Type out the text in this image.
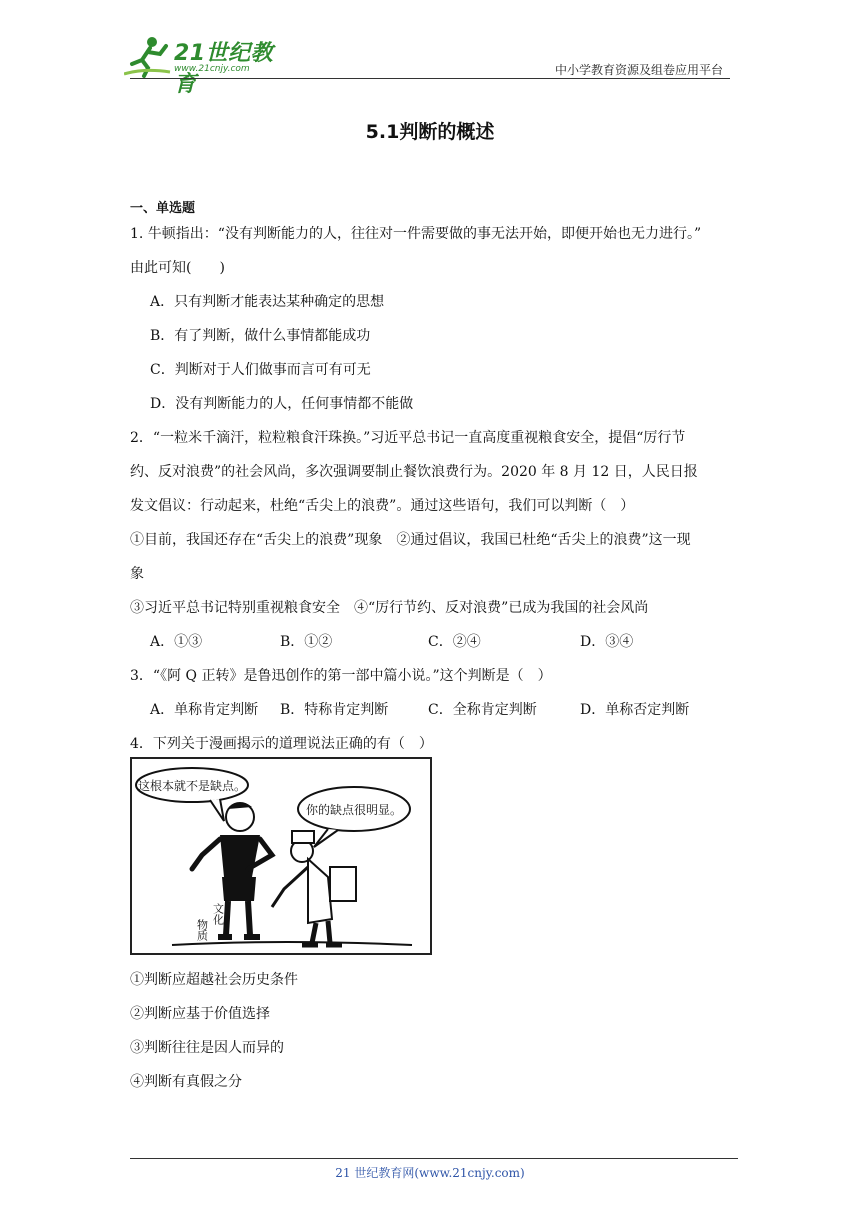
21世纪教育
www.21cnjy.com	中小学教育资源及组卷应用平台
5.1判断的概述
一、单选题
1. 牛顿指出：“没有判断能力的人，往往对一件需要做的事无法开始，即便开始也无力进行。”
由此可知(　　)
A．只有判断才能表达某种确定的思想
B．有了判断，做什么事情都能成功
C．判断对于人们做事而言可有可无
D．没有判断能力的人，任何事情都不能做
2．“一粒米千滴汗，粒粒粮食汗珠换。”习近平总书记一直高度重视粮食安全，提倡“厉行节
约、反对浪费”的社会风尚，多次强调要制止餐饮浪费行为。2020 年 8 月 12 日，人民日报
发文倡议：行动起来，杜绝“舌尖上的浪费”。通过这些语句，我们可以判断（　）
①目前，我国还存在“舌尖上的浪费”现象　②通过倡议，我国已杜绝“舌尖上的浪费”这一现
象
③习近平总书记特别重视粮食安全　④“厉行节约、反对浪费”已成为我国的社会风尚
A．①③	B．①②	C．②④	D．③④
3．“《阿 Q 正转》是鲁迅创作的第一部中篇小说。”这个判断是（　）
A．单称肯定判断 B．特称肯定判断	C．全称肯定判断	D．单称否定判断
4．下列关于漫画揭示的道理说法正确的有（　）
这根本就不是缺点。
你的缺点很明显。
物质
文化
①判断应超越社会历史条件
②判断应基于价值选择
③判断往往是因人而异的
④判断有真假之分
21 世纪教育网(www.21cnjy.com)
